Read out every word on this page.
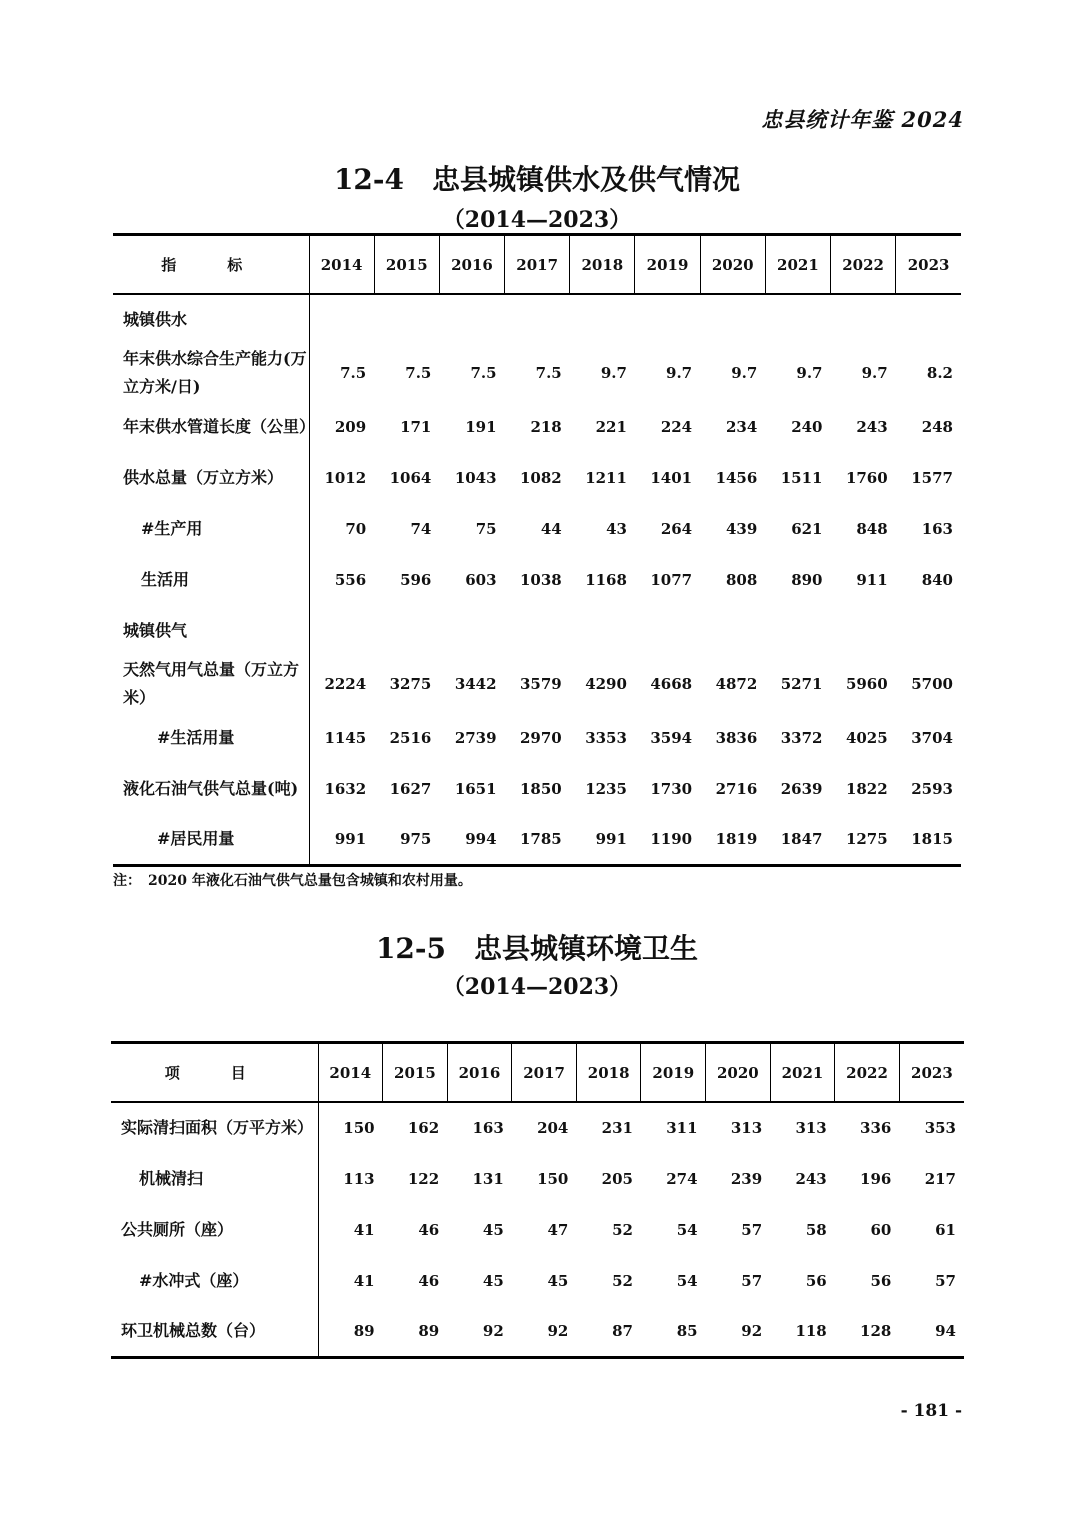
忠县统计年鉴 2024
12-4　忠县城镇供水及供气情况
（2014—2023）
指　标	2014	2015	2016	2017	2018	2019	2020	2021	2022	2023
城镇供水										
年末供水综合生产能力(万立方米/日)	7.5	7.5	7.5	7.5	9.7	9.7	9.7	9.7	9.7	8.2
年末供水管道长度（公里）	209	171	191	218	221	224	234	240	243	248
供水总量（万立方米）	1012	1064	1043	1082	1211	1401	1456	1511	1760	1577
#生产用	70	74	75	44	43	264	439	621	848	163
生活用	556	596	603	1038	1168	1077	808	890	911	840
城镇供气										
天然气用气总量（万立方米）	2224	3275	3442	3579	4290	4668	4872	5271	5960	5700
#生活用量	1145	2516	2739	2970	3353	3594	3836	3372	4025	3704
液化石油气供气总量(吨)	1632	1627	1651	1850	1235	1730	2716	2639	1822	2593
#居民用量	991	975	994	1785	991	1190	1819	1847	1275	1815
注：　2020 年液化石油气供气总量包含城镇和农村用量。
12-5　忠县城镇环境卫生
（2014—2023）
项　目	2014	2015	2016	2017	2018	2019	2020	2021	2022	2023
实际清扫面积（万平方米）	150	162	163	204	231	311	313	313	336	353
机械清扫	113	122	131	150	205	274	239	243	196	217
公共厕所（座）	41	46	45	47	52	54	57	58	60	61
#水冲式（座）	41	46	45	45	52	54	57	56	56	57
环卫机械总数（台）	89	89	92	92	87	85	92	118	128	94
- 181 -
